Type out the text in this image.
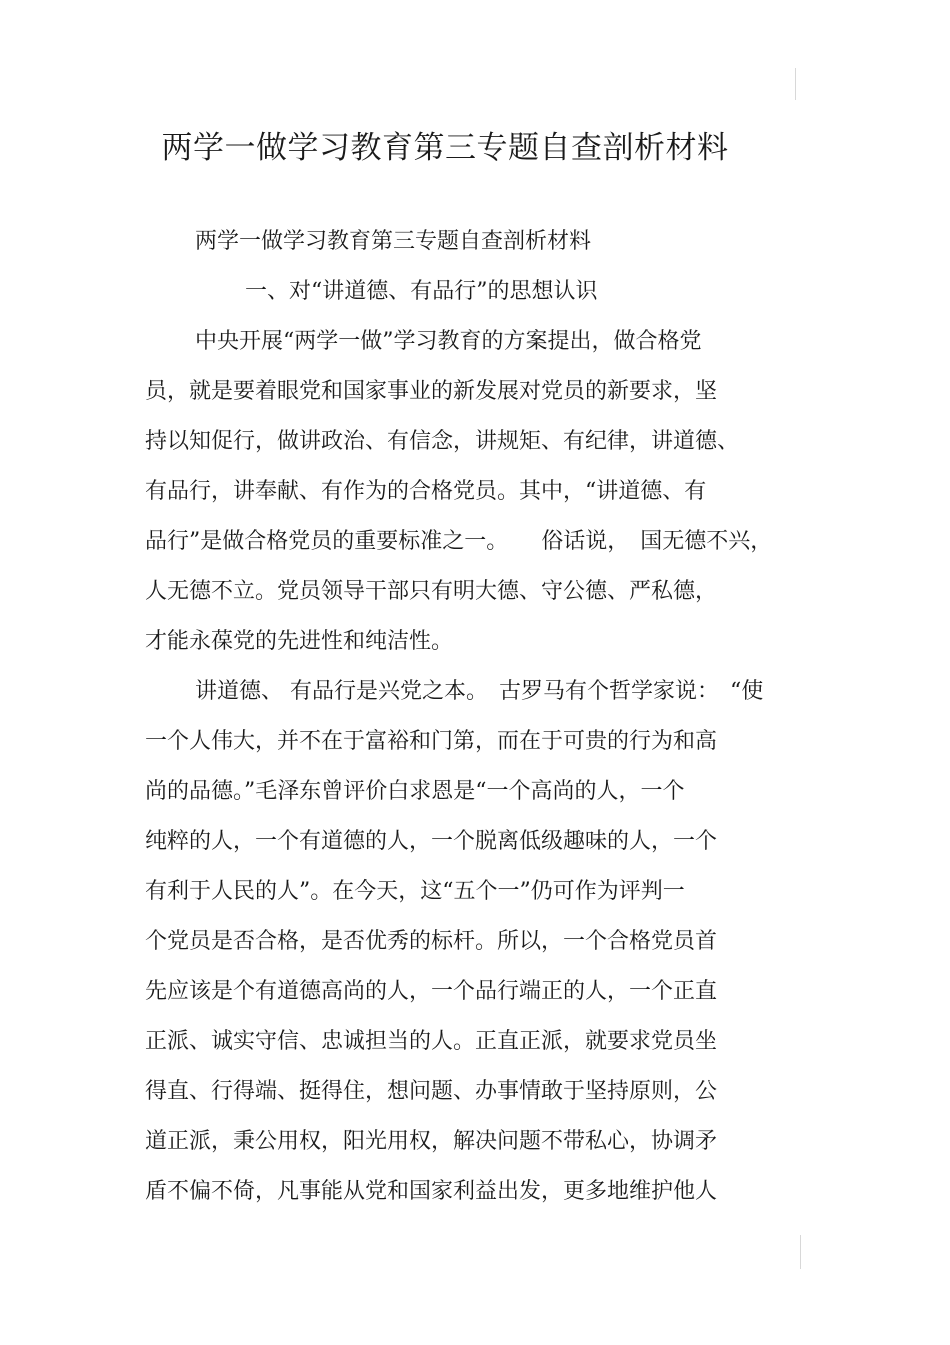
两学一做学习教育第三专题自查剖析材料
两学一做学习教育第三专题自查剖析材料
一、对“讲道德、有品行”的思想认识
中央开展“两学一做”学习教育的方案提出，做合格党
员，就是要着眼党和国家事业的新发展对党员的新要求，坚
持以知促行，做讲政治、有信念，讲规矩、有纪律，讲道德、
有品行，讲奉献、有作为的合格党员。其中，“讲道德、有
品行”是做合格党员的重要标准之一。　　俗话说，　国无德不兴，
人无德不立。党员领导干部只有明大德、守公德、严私德，
才能永葆党的先进性和纯洁性。
讲道德、 有品行是兴党之本。　古罗马有个哲学家说：　“使
一个人伟大，并不在于富裕和门第，而在于可贵的行为和高
尚的品德。”毛泽东曾评价白求恩是“一个高尚的人，一个
纯粹的人，一个有道德的人，一个脱离低级趣味的人，一个
有利于人民的人”。在今天，这“五个一”仍可作为评判一
个党员是否合格，是否优秀的标杆。所以，一个合格党员首
先应该是个有道德高尚的人，一个品行端正的人，一个正直
正派、诚实守信、忠诚担当的人。正直正派，就要求党员坐
得直、行得端、挺得住，想问题、办事情敢于坚持原则，公
道正派，秉公用权，阳光用权，解决问题不带私心，协调矛
盾不偏不倚，凡事能从党和国家利益出发，更多地维护他人
